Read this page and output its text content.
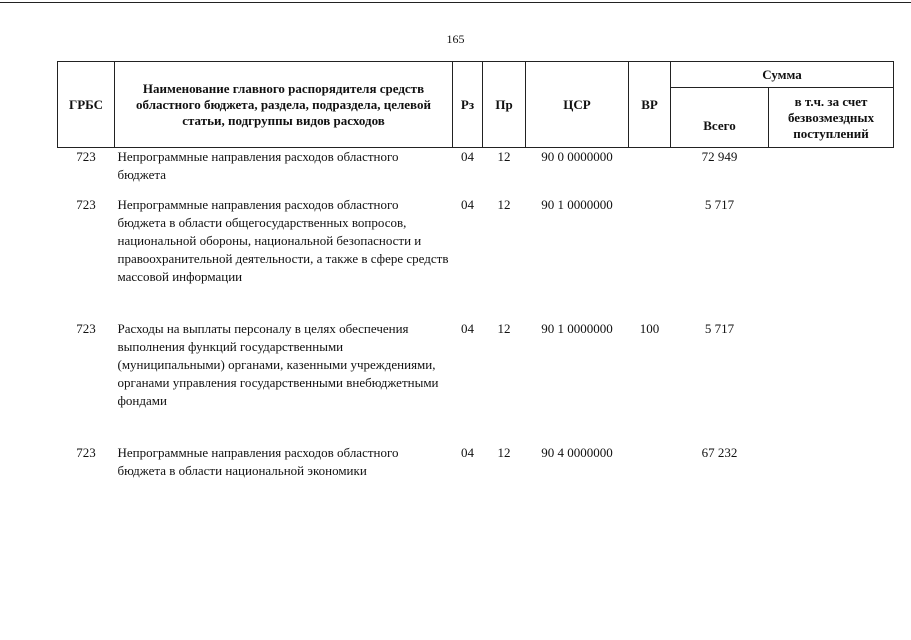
165
ГРБС	Наименование главного распорядителя средств областного бюджета, раздела, подраздела, целевой статьи, подгруппы видов расходов	Рз	Пр	ЦСР	ВР	Сумма	
						Всего	в т.ч. за счет безвозмездных поступлений
723	Непрограммные направления расходов областного бюджета	04	12	90 0 0000000		72 949	
723	Непрограммные направления расходов областного бюджета в области общегосударственных вопросов, национальной обороны, национальной безопасности и правоохранительной деятельности, а также в сфере средств массовой информации	04	12	90 1 0000000		5 717	
723	Расходы на выплаты персоналу в целях обеспечения выполнения функций государственными (муниципальными) органами, казенными учреждениями, органами управления государственными внебюджетными фондами	04	12	90 1 0000000	100	5 717	
723	Непрограммные направления расходов областного бюджета в области национальной экономики	04	12	90 4 0000000		67 232	
